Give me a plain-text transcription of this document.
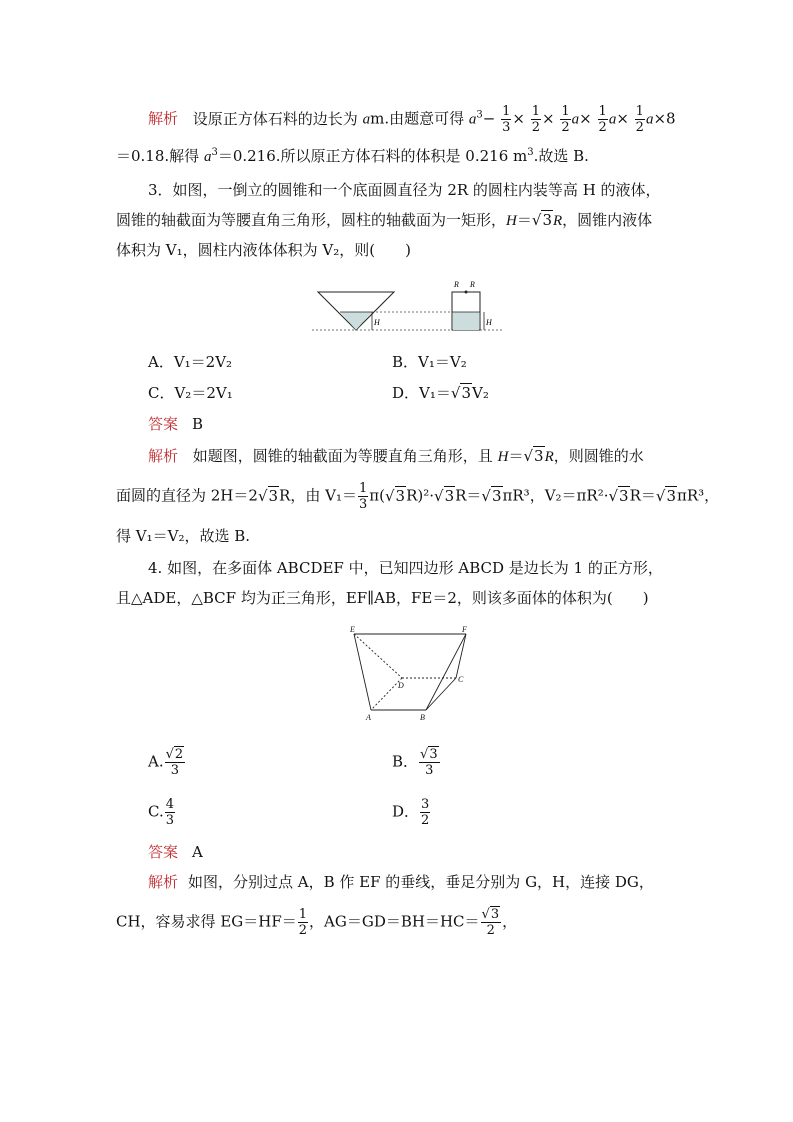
解析 设原正方体石料的边长为 am.由题意可得 $a^3- \frac{1}{3} \times \frac{1}{2} \times \frac{1}{2} a\times \frac{1}{2} a\times \frac{1}{2} a\times 8$
＝0.18.解得 $a^3=0.216$.所以原正方体石料的体积是 0.216 $m^3$.故选 B.
3．如图，一倒立的圆锥和一个底面圆直径为 2R 的圆柱内装等高 H 的液体，
圆锥的轴截面为等腰直角三角形，圆柱的轴截面为一矩形，H＝√3R，圆锥内液体
体积为 V₁，圆柱内液体体积为 V₂，则(　　)
H
R R
H
A．V₁＝2V₂	B．V₁＝V₂
C．V₂＝2V₁	D．V₁＝√3V₂
答案 B
解析 如题图，圆锥的轴截面为等腰直角三角形，且 H＝√3R，则圆锥的水
面圆的直径为 2H＝2√3R，由 $V_1= \frac{1}{3} \pi(√3R)^2\cdot√3R=√3\pi R^3$，V₂＝πR²·√3R＝√3πR³，
得 V₁＝V₂，故选 B.
4. 如图，在多面体 ABCDEF 中，已知四边形 ABCD 是边长为 1 的正方形，
且△ADE，△BCF 均为正三角形，EF∥AB，FE＝2，则该多面体的体积为(　　)
E	F
D
C
A	B
A. $\frac{√2}{3}$	B． $\frac{√3}{3}$
C. $\frac{4}{3}$	D． $\frac{3}{2}$
答案 A
解析 如图，分别过点 A，B 作 EF 的垂线，垂足分别为 G，H，连接 DG，
CH，容易求得 $EG=HF= \frac{1}{2}$ ，$AG=GD=BH=HC= \frac{√3}{2}$ ，
